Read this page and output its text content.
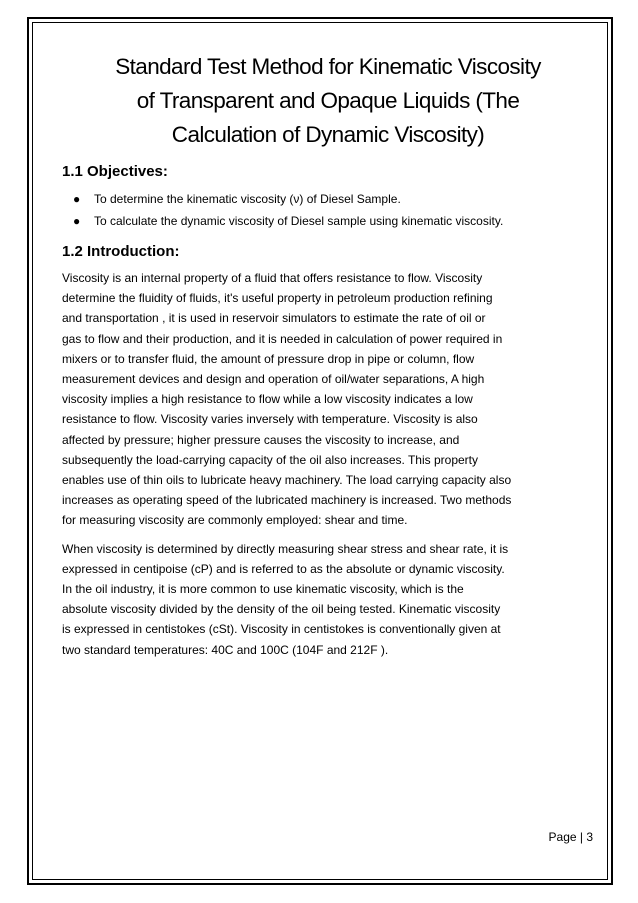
Standard Test Method for Kinematic Viscosity
of Transparent and Opaque Liquids (The
Calculation of Dynamic Viscosity)
1.1 Objectives:
● To determine the kinematic viscosity (ν) of Diesel Sample.
● To calculate the dynamic viscosity of Diesel sample using kinematic viscosity.
1.2 Introduction:

Viscosity is an internal property of a fluid that offers resistance to flow. Viscosity
determine the fluidity of fluids, it's useful property in petroleum production refining
and transportation , it is used in reservoir simulators to estimate the rate of oil or
gas to flow and their production, and it is needed in calculation of power required in
mixers or to transfer fluid, the amount of pressure drop in pipe or column, flow
measurement devices and design and operation of oil/water separations, A high
viscosity implies a high resistance to flow while a low viscosity indicates a low
resistance to flow. Viscosity varies inversely with temperature. Viscosity is also
affected by pressure; higher pressure causes the viscosity to increase, and
subsequently the load-carrying capacity of the oil also increases. This property
enables use of thin oils to lubricate heavy machinery. The load carrying capacity also
increases as operating speed of the lubricated machinery is increased. Two methods
for measuring viscosity are commonly employed: shear and time.

When viscosity is determined by directly measuring shear stress and shear rate, it is
expressed in centipoise (cP) and is referred to as the absolute or dynamic viscosity.
In the oil industry, it is more common to use kinematic viscosity, which is the
absolute viscosity divided by the density of the oil being tested. Kinematic viscosity
is expressed in centistokes (cSt). Viscosity in centistokes is conventionally given at
two standard temperatures: 40C and 100C (104F and 212F ).

Page | 3
